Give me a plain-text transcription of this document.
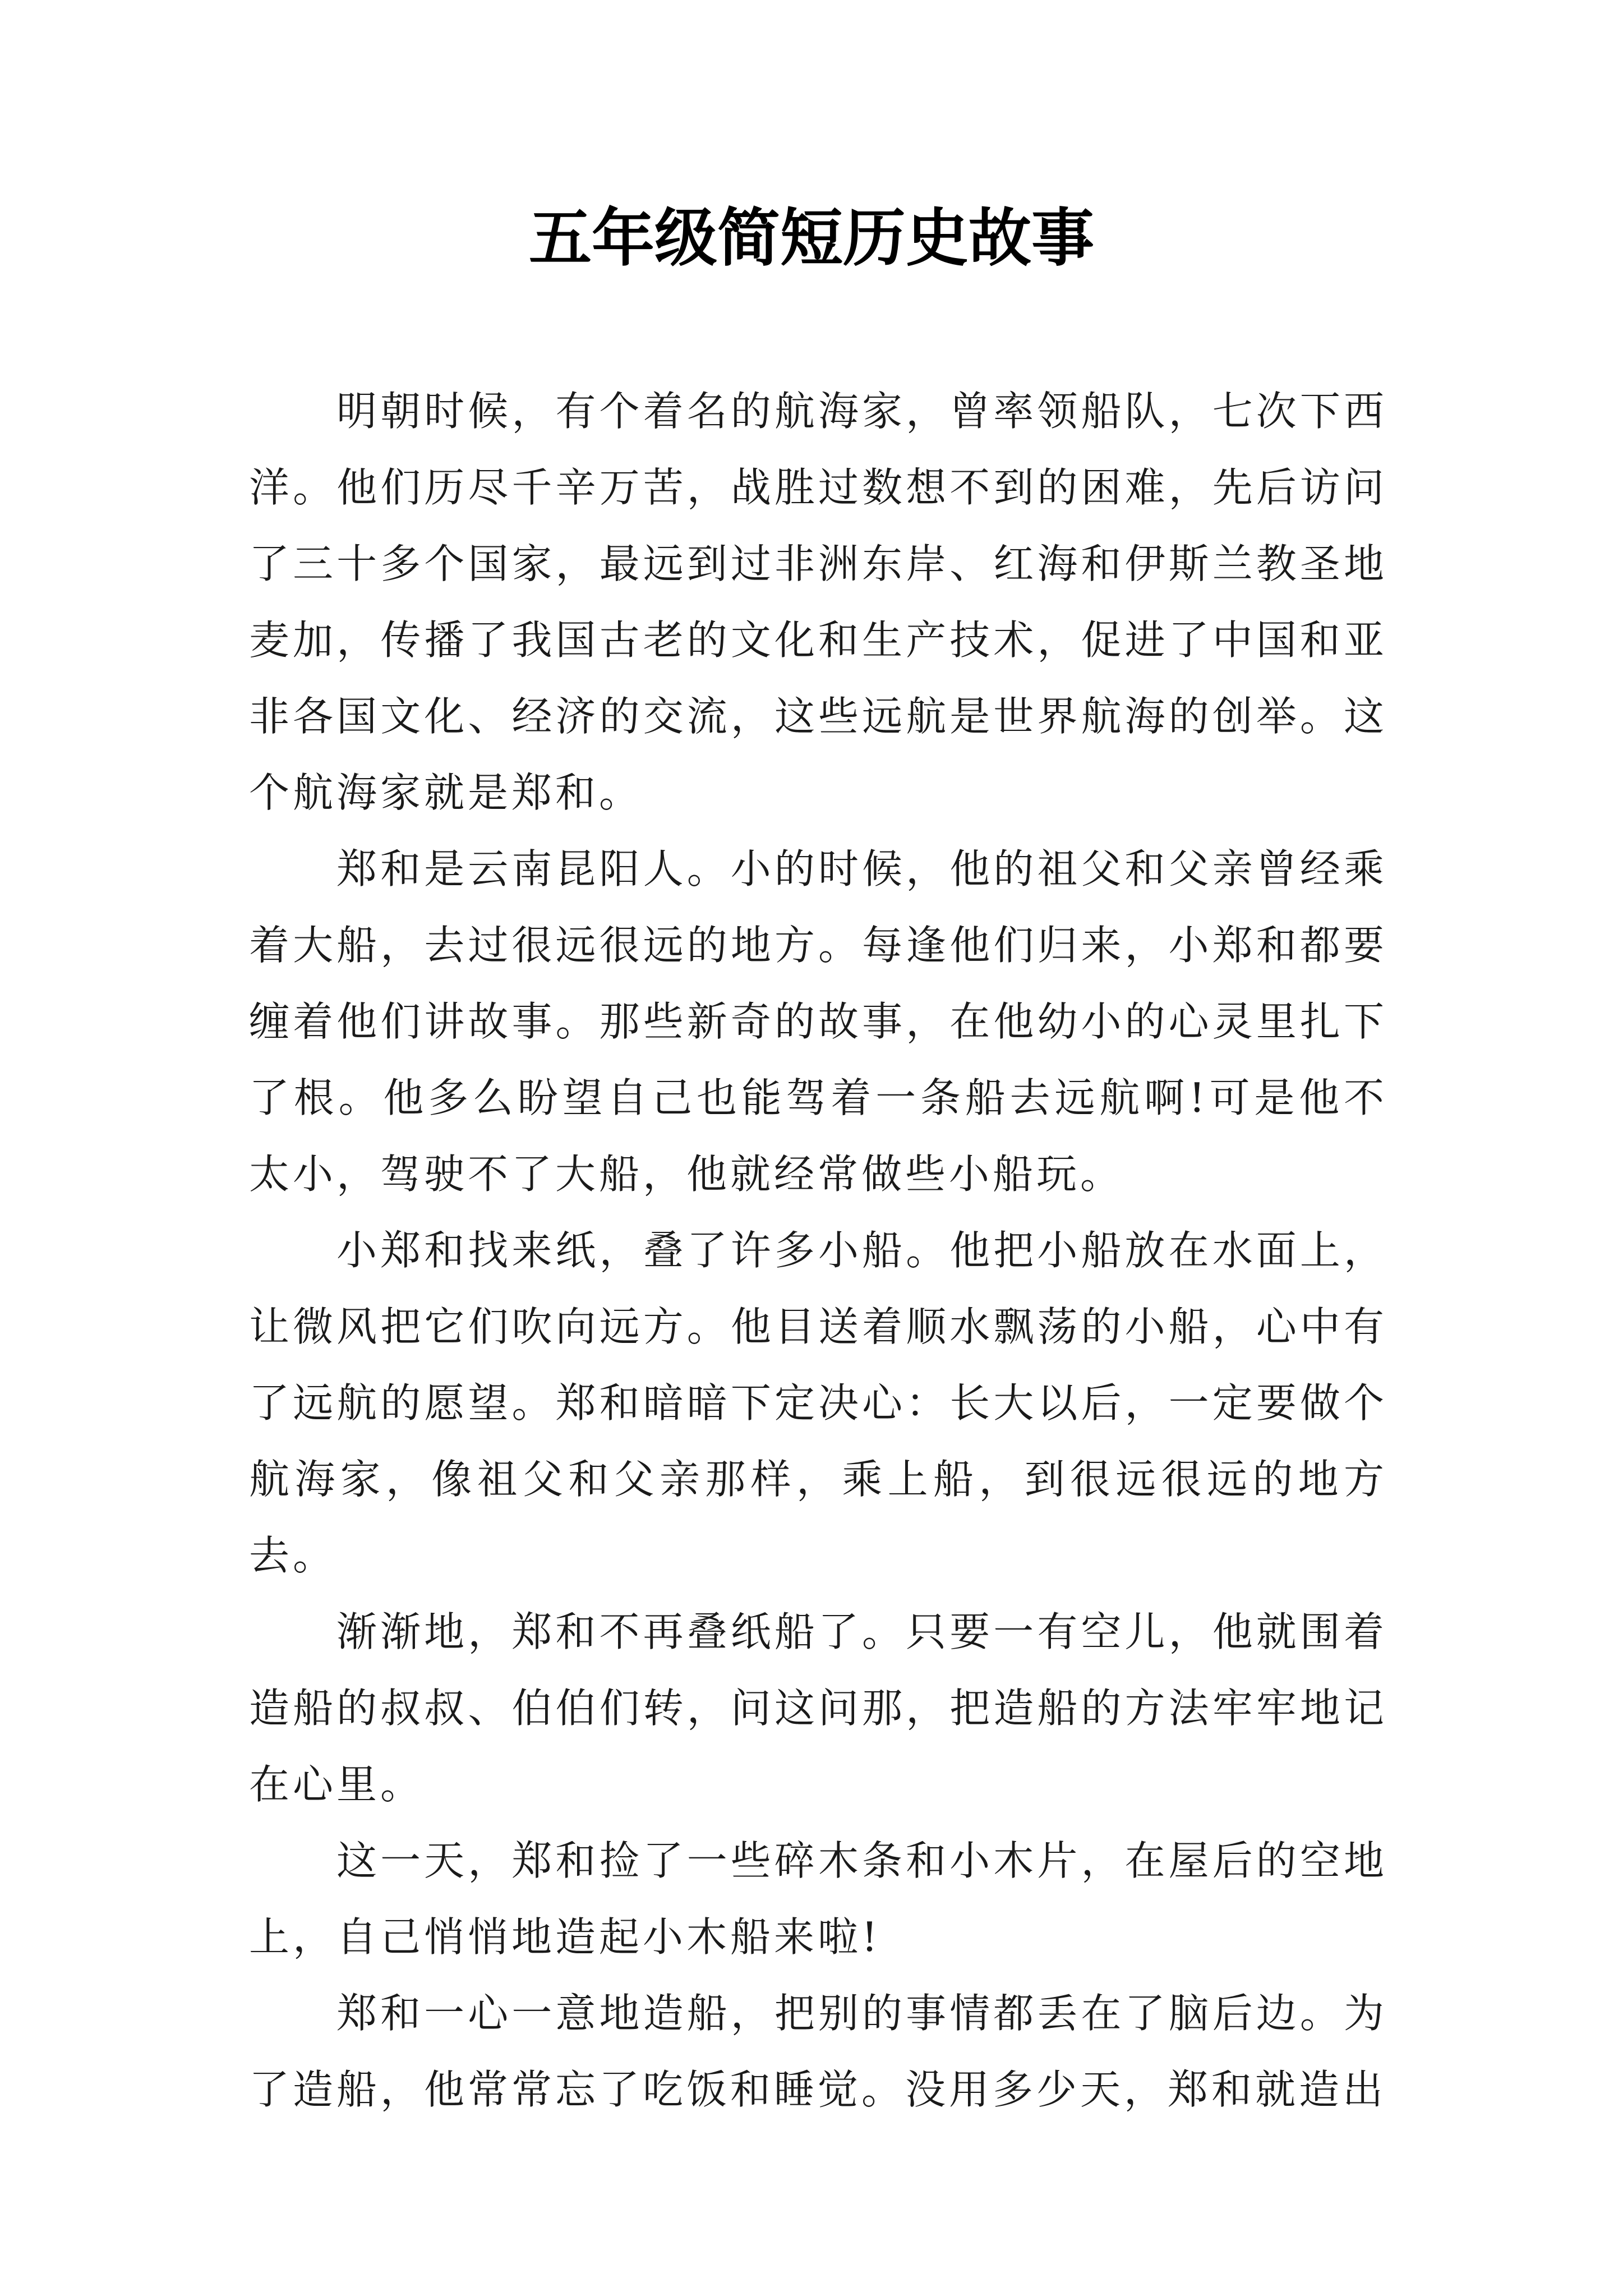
五年级简短历史故事

明朝时候，有个着名的航海家，曾率领船队，七次下西洋。他们历尽千辛万苦，战胜过数想不到的困难，先后访问了三十多个国家，最远到过非洲东岸、红海和伊斯兰教圣地麦加，传播了我国古老的文化和生产技术，促进了中国和亚非各国文化、经济的交流，这些远航是世界航海的创举。这个航海家就是郑和。

郑和是云南昆阳人。小的时候，他的祖父和父亲曾经乘着大船，去过很远很远的地方。每逢他们归来，小郑和都要缠着他们讲故事。那些新奇的故事，在他幼小的心灵里扎下了根。他多么盼望自己也能驾着一条船去远航啊!可是他不太小，驾驶不了大船，他就经常做些小船玩。

小郑和找来纸，叠了许多小船。他把小船放在水面上，让微风把它们吹向远方。他目送着顺水飘荡的小船，心中有了远航的愿望。郑和暗暗下定决心：长大以后，一定要做个航海家，像祖父和父亲那样，乘上船，到很远很远的地方去。

渐渐地，郑和不再叠纸船了。只要一有空儿，他就围着造船的叔叔、伯伯们转，问这问那，把造船的方法牢牢地记在心里。

这一天，郑和捡了一些碎木条和小木片，在屋后的空地上，自己悄悄地造起小木船来啦!

郑和一心一意地造船，把别的事情都丢在了脑后边。为了造船，他常常忘了吃饭和睡觉。没用多少天，郑和就造出
